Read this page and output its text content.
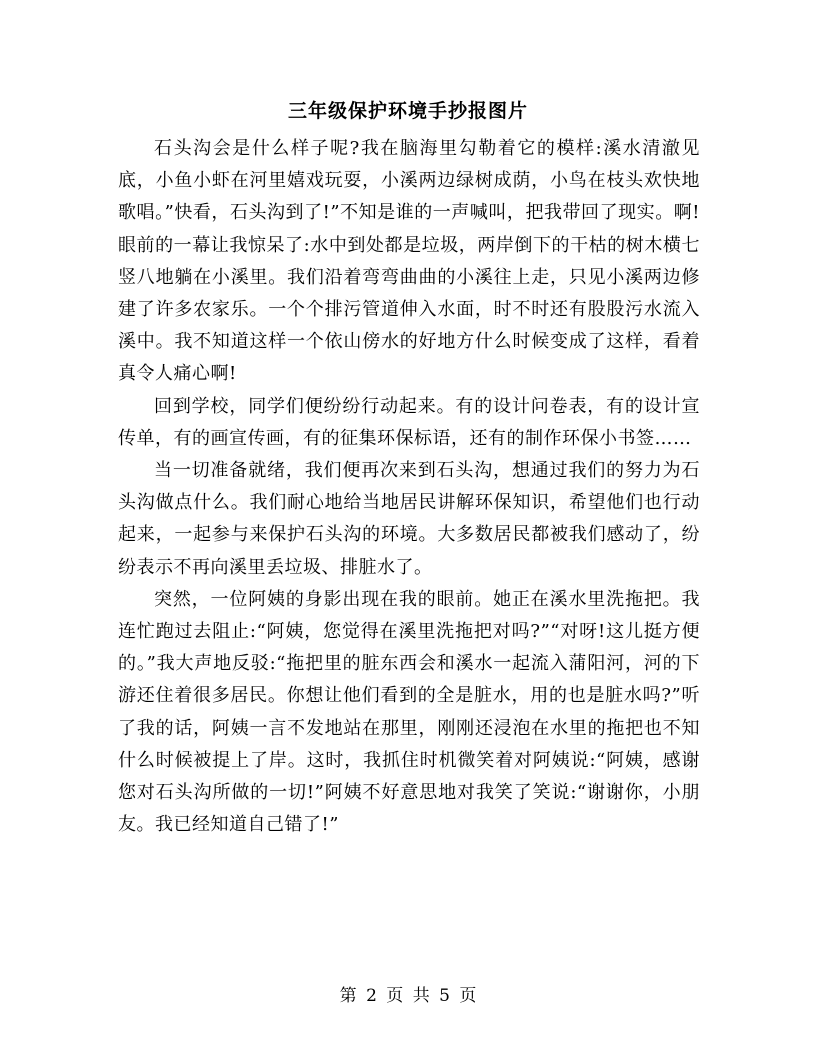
三年级保护环境手抄报图片

石头沟会是什么样子呢?我在脑海里勾勒着它的模样:溪水清澈见底，小鱼小虾在河里嬉戏玩耍，小溪两边绿树成荫，小鸟在枝头欢快地歌唱。”快看，石头沟到了!”不知是谁的一声喊叫，把我带回了现实。啊!眼前的一幕让我惊呆了:水中到处都是垃圾，两岸倒下的干枯的树木横七竖八地躺在小溪里。我们沿着弯弯曲曲的小溪往上走，只见小溪两边修建了许多农家乐。一个个排污管道伸入水面，时不时还有股股污水流入溪中。我不知道这样一个依山傍水的好地方什么时候变成了这样，看着真令人痛心啊!

回到学校，同学们便纷纷行动起来。有的设计问卷表，有的设计宣传单，有的画宣传画，有的征集环保标语，还有的制作环保小书签……

当一切准备就绪，我们便再次来到石头沟，想通过我们的努力为石头沟做点什么。我们耐心地给当地居民讲解环保知识，希望他们也行动起来，一起参与来保护石头沟的环境。大多数居民都被我们感动了，纷纷表示不再向溪里丢垃圾、排脏水了。

突然，一位阿姨的身影出现在我的眼前。她正在溪水里洗拖把。我连忙跑过去阻止:“阿姨，您觉得在溪里洗拖把对吗?”“对呀!这儿挺方便的。”我大声地反驳:“拖把里的脏东西会和溪水一起流入蒲阳河，河的下游还住着很多居民。你想让他们看到的全是脏水，用的也是脏水吗?”听了我的话，阿姨一言不发地站在那里，刚刚还浸泡在水里的拖把也不知什么时候被提上了岸。这时，我抓住时机微笑着对阿姨说:“阿姨，感谢您对石头沟所做的一切!”阿姨不好意思地对我笑了笑说:“谢谢你，小朋友。我已经知道自己错了!”

第 2 页 共 5 页
